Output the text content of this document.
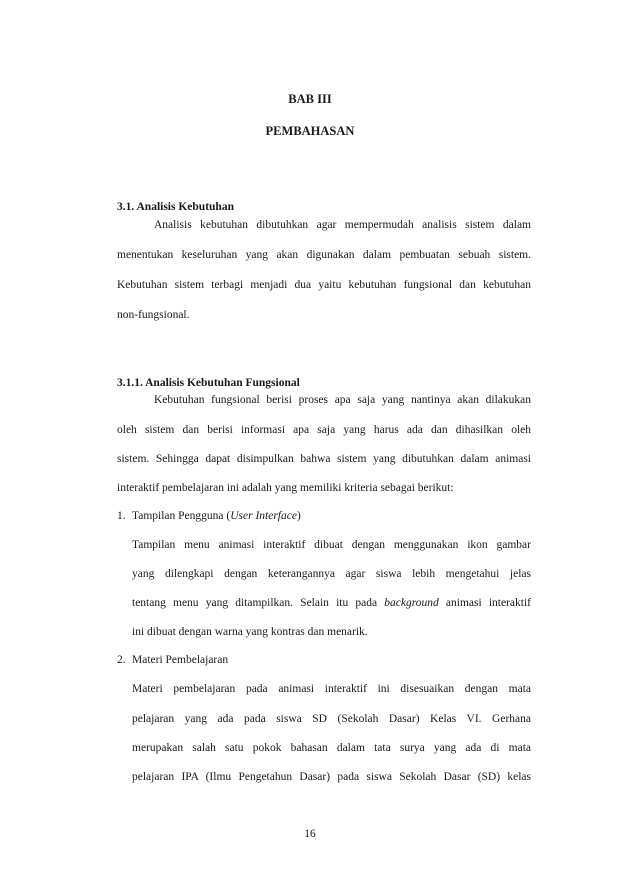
BAB III

PEMBAHASAN

3.1. Analisis Kebutuhan

Analisis kebutuhan dibutuhkan agar mempermudah analisis sistem dalam

menentukan keseluruhan yang akan digunakan dalam pembuatan sebuah sistem.

Kebutuhan sistem terbagi menjadi dua yaitu kebutuhan fungsional dan kebutuhan

non-fungsional.

3.1.1. Analisis Kebutuhan Fungsional

Kebutuhan fungsional berisi proses apa saja yang nantinya akan dilakukan

oleh sistem dan berisi informasi apa saja yang harus ada dan dihasilkan oleh

sistem. Sehingga dapat disimpulkan bahwa sistem yang dibutuhkan dalam animasi

interaktif pembelajaran ini adalah yang memiliki kriteria sebagai berikut:

1. Tampilan Pengguna (User Interface)

Tampilan menu animasi interaktif dibuat dengan menggunakan ikon gambar

yang dilengkapi dengan keterangannya agar siswa lebih mengetahui jelas

tentang menu yang ditampilkan. Selain itu pada background animasi interaktif

ini dibuat dengan warna yang kontras dan menarik.

2. Materi Pembelajaran

Materi pembelajaran pada animasi interaktif ini disesuaikan dengan mata

pelajaran yang ada pada siswa SD (Sekolah Dasar) Kelas VI. Gerhana

merupakan salah satu pokok bahasan dalam tata surya yang ada di mata

pelajaran IPA (Ilmu Pengetahun Dasar) pada siswa Sekolah Dasar (SD) kelas

16
